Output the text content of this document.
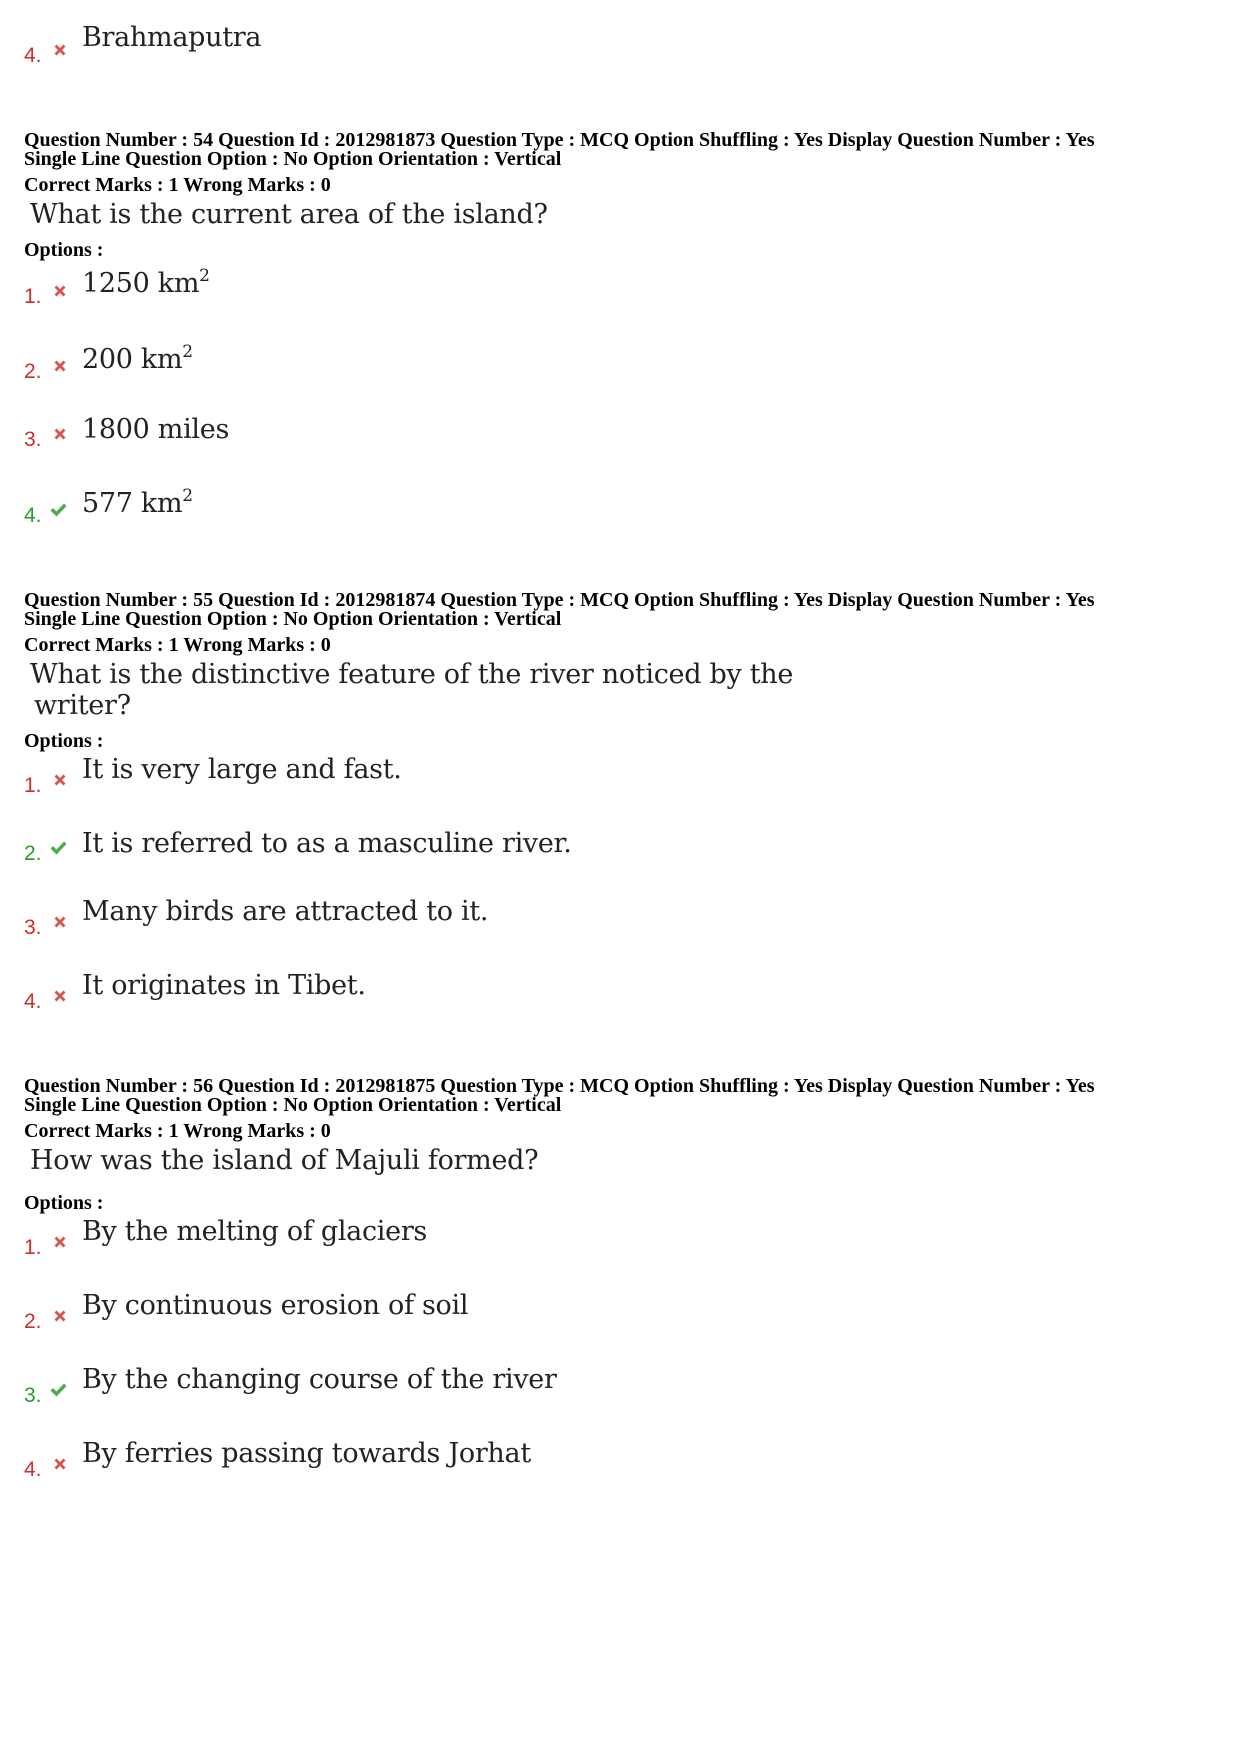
4.
Brahmaputra
Question Number : 54 Question Id : 2012981873 Question Type : MCQ Option Shuffling : Yes Display Question Number : Yes
Single Line Question Option : No Option Orientation : Vertical
Correct Marks : 1 Wrong Marks : 0
What is the current area of the island?
Options :
1. 1250 $km^2$
2. 200 $km^2$
3. 1800 miles
4. 577 $km^2$
Question Number : 55 Question Id : 2012981874 Question Type : MCQ Option Shuffling : Yes Display Question Number : Yes
Single Line Question Option : No Option Orientation : Vertical
Correct Marks : 1 Wrong Marks : 0
What is the distinctive feature of the river noticed by the
writer?
Options :
1.
It is very large and fast.
2. It is referred to as a masculine river.
3.
Many birds are attracted to it.
4.
It originates in Tibet.
Question Number : 56 Question Id : 2012981875 Question Type : MCQ Option Shuffling : Yes Display Question Number : Yes
Single Line Question Option : No Option Orientation : Vertical
Correct Marks : 1 Wrong Marks : 0
How was the island of Majuli formed?
Options :
1.
By the melting of glaciers
2.
By continuous erosion of soil
3.
By the changing course of the river
4.
By ferries passing towards Jorhat
